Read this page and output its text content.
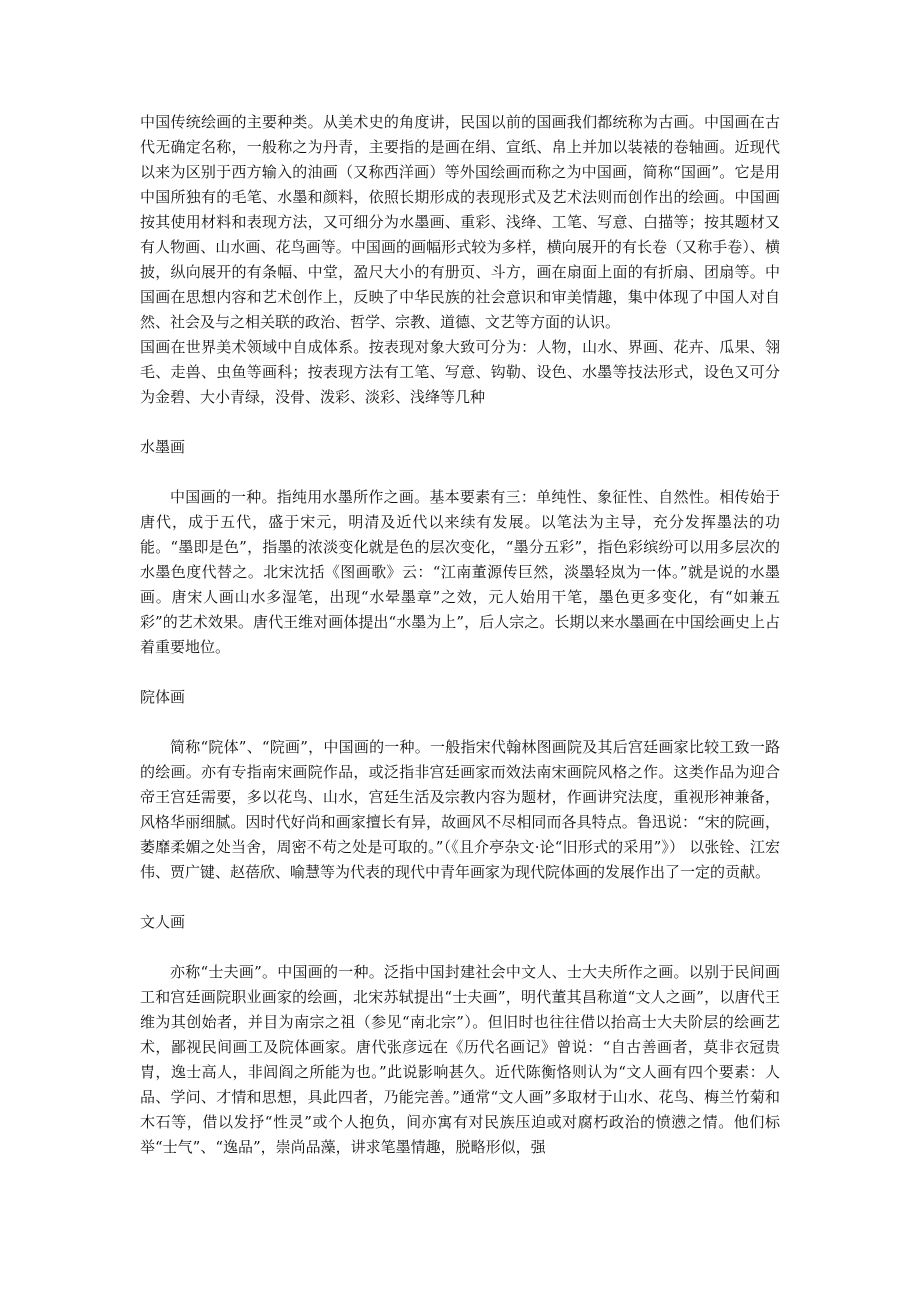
中国传统绘画的主要种类。从美术史的角度讲，民国以前的国画我们都统称为古画。中国画在古代无确定名称，一般称之为丹青，主要指的是画在绢、宣纸、帛上并加以装裱的卷轴画。近现代以来为区别于西方输入的油画（又称西洋画）等外国绘画而称之为中国画，简称“国画”。它是用中国所独有的毛笔、水墨和颜料，依照长期形成的表现形式及艺术法则而创作出的绘画。中国画按其使用材料和表现方法，又可细分为水墨画、重彩、浅绛、工笔、写意、白描等；按其题材又有人物画、山水画、花鸟画等。中国画的画幅形式较为多样，横向展开的有长卷（又称手卷）、横披，纵向展开的有条幅、中堂，盈尺大小的有册页、斗方，画在扇面上面的有折扇、团扇等。中国画在思想内容和艺术创作上，反映了中华民族的社会意识和审美情趣，集中体现了中国人对自然、社会及与之相关联的政治、哲学、宗教、道德、文艺等方面的认识。

国画在世界美术领域中自成体系。按表现对象大致可分为：人物，山水、界画、花卉、瓜果、翎毛、走兽、虫鱼等画科；按表现方法有工笔、写意、钩勒、设色、水墨等技法形式，设色又可分为金碧、大小青绿，没骨、泼彩、淡彩、浅绛等几种

水墨画

中国画的一种。指纯用水墨所作之画。基本要素有三：单纯性、象征性、自然性。相传始于唐代，成于五代，盛于宋元，明清及近代以来续有发展。以笔法为主导，充分发挥墨法的功能。“墨即是色”，指墨的浓淡变化就是色的层次变化，“墨分五彩”，指色彩缤纷可以用多层次的水墨色度代替之。北宋沈括《图画歌》云：“江南董源传巨然，淡墨轻岚为一体。”就是说的水墨画。唐宋人画山水多湿笔，出现“水晕墨章”之效，元人始用干笔，墨色更多变化，有“如兼五彩”的艺术效果。唐代王维对画体提出“水墨为上”，后人宗之。长期以来水墨画在中国绘画史上占着重要地位。

院体画

简称“院体”、“院画”，中国画的一种。一般指宋代翰林图画院及其后宫廷画家比较工致一路的绘画。亦有专指南宋画院作品，或泛指非宫廷画家而效法南宋画院风格之作。这类作品为迎合帝王宫廷需要，多以花鸟、山水，宫廷生活及宗教内容为题材，作画讲究法度，重视形神兼备，风格华丽细腻。因时代好尚和画家擅长有异，故画风不尽相同而各具特点。鲁迅说：“宋的院画，萎靡柔媚之处当舍，周密不苟之处是可取的。”（《且介亭杂文·论“旧形式的采用”》） 以张铨、江宏伟、贾广键、赵蓓欣、喻慧等为代表的现代中青年画家为现代院体画的发展作出了一定的贡献。

文人画

亦称“士夫画”。中国画的一种。泛指中国封建社会中文人、士大夫所作之画。以别于民间画工和宫廷画院职业画家的绘画，北宋苏轼提出“士夫画”，明代董其昌称道“文人之画”，以唐代王维为其创始者，并目为南宗之祖（参见“南北宗”）。但旧时也往往借以抬高士大夫阶层的绘画艺术，鄙视民间画工及院体画家。唐代张彦远在《历代名画记》曾说：“自古善画者，莫非衣冠贵胄，逸士高人，非闾阎之所能为也。”此说影响甚久。近代陈衡恪则认为“文人画有四个要素：人品、学问、才情和思想，具此四者，乃能完善。”通常“文人画”多取材于山水、花鸟、梅兰竹菊和木石等，借以发抒“性灵”或个人抱负，间亦寓有对民族压迫或对腐朽政治的愤懑之情。他们标举“士气”、“逸品”，崇尚品藻，讲求笔墨情趣，脱略形似，强
